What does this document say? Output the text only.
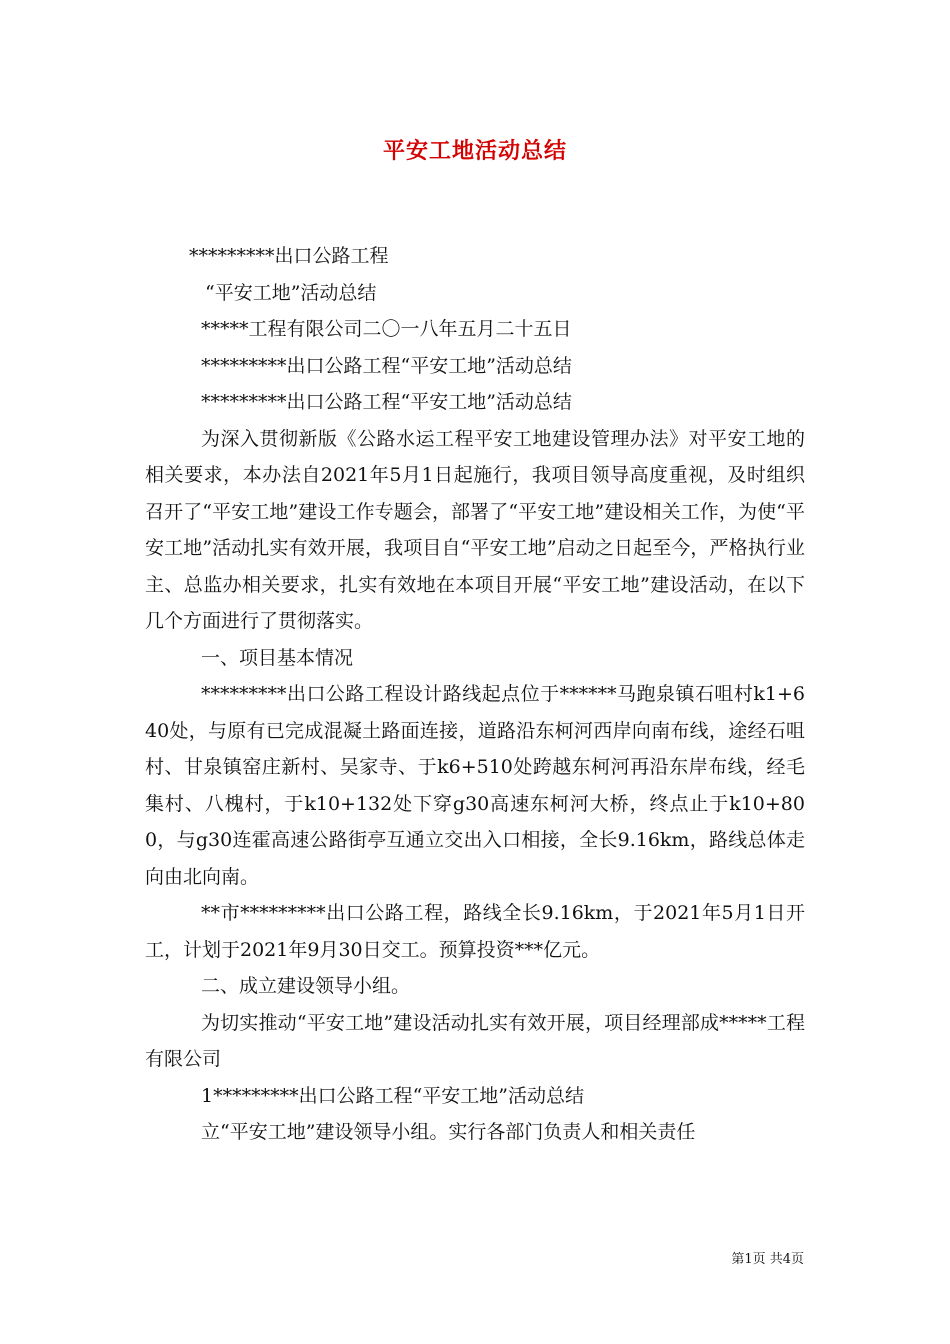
平安工地活动总结

*********出口公路工程

“平安工地”活动总结

*****工程有限公司二〇一八年五月二十五日

*********出口公路工程“平安工地”活动总结

*********出口公路工程“平安工地”活动总结

为深入贯彻新版《公路水运工程平安工地建设管理办法》对平安工地的相关要求，本办法自2021年5月1日起施行，我项目领导高度重视，及时组织召开了“平安工地”建设工作专题会，部署了“平安工地”建设相关工作，为使“平安工地”活动扎实有效开展，我项目自“平安工地”启动之日起至今，严格执行业主、总监办相关要求，扎实有效地在本项目开展“平安工地”建设活动，在以下几个方面进行了贯彻落实。

一、项目基本情况

*********出口公路工程设计路线起点位于******马跑泉镇石咀村k1+640处，与原有已完成混凝土路面连接，道路沿东柯河西岸向南布线，途经石咀村、甘泉镇窑庄新村、吴家寺、于k6+510处跨越东柯河再沿东岸布线，经毛集村、八槐村，于k10+132处下穿g30高速东柯河大桥，终点止于k10+800，与g30连霍高速公路街亭互通立交出入口相接，全长9.16km，路线总体走向由北向南。

**市*********出口公路工程，路线全长9.16km，于2021年5月1日开工，计划于2021年9月30日交工。预算投资***亿元。

二、成立建设领导小组。

为切实推动“平安工地”建设活动扎实有效开展，项目经理部成*****工程有限公司

1*********出口公路工程“平安工地”活动总结

立“平安工地”建设领导小组。实行各部门负责人和相关责任

第1页 共4页
